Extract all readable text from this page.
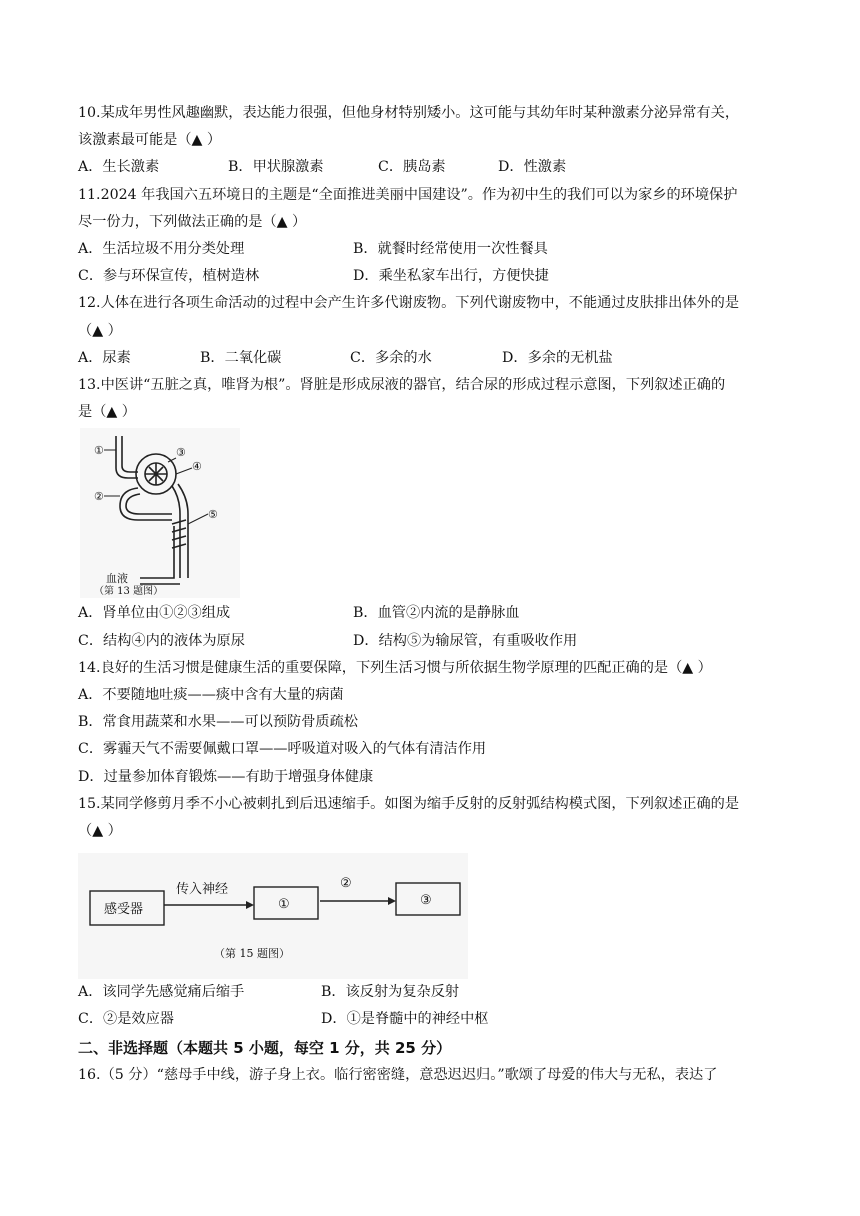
10.某成年男性风趣幽默，表达能力很强，但他身材特别矮小。这可能与其幼年时某种激素分泌异常有关，
该激素最可能是（▲ ）
A．生长激素	B．甲状腺激素	C．胰岛素	D．性激素
11.2024 年我国六五环境日的主题是“全面推进美丽中国建设”。作为初中生的我们可以为家乡的环境保护
尽一份力，下列做法正确的是（▲ ）
A．生活垃圾不用分类处理	B．就餐时经常使用一次性餐具
C．参与环保宣传，植树造林	D．乘坐私家车出行，方便快捷
12.人体在进行各项生命活动的过程中会产生许多代谢废物。下列代谢废物中，不能通过皮肤排出体外的是
（▲ ）
A．尿素	B．二氧化碳	C．多余的水	D．多余的无机盐
13.中医讲“五脏之真，唯肾为根”。肾脏是形成尿液的器官，结合尿的形成过程示意图，下列叙述正确的
是（▲ ）
①
②
③
④
⑤
血液
（第 13 题图）
A．肾单位由①②③组成	B．血管②内流的是静脉血
C．结构④内的液体为原尿	D．结构⑤为输尿管，有重吸收作用
14.良好的生活习惯是健康生活的重要保障，下列生活习惯与所依据生物学原理的匹配正确的是（▲ ）
A．不要随地吐痰——痰中含有大量的病菌
B．常食用蔬菜和水果——可以预防骨质疏松
C．雾霾天气不需要佩戴口罩——呼吸道对吸入的气体有清洁作用
D．过量参加体育锻炼——有助于增强身体健康
15.某同学修剪月季不小心被刺扎到后迅速缩手。如图为缩手反射的反射弧结构模式图，下列叙述正确的是
（▲ ）
感受器
传入神经
①
②
③
（第 15 题图）
A．该同学先感觉痛后缩手	B．该反射为复杂反射
C．②是效应器	D．①是脊髓中的神经中枢
二、非选择题（本题共 5 小题，每空 1 分，共 25 分）
16.（5 分）“慈母手中线，游子身上衣。临行密密缝，意恐迟迟归。”歌颂了母爱的伟大与无私，表达了
